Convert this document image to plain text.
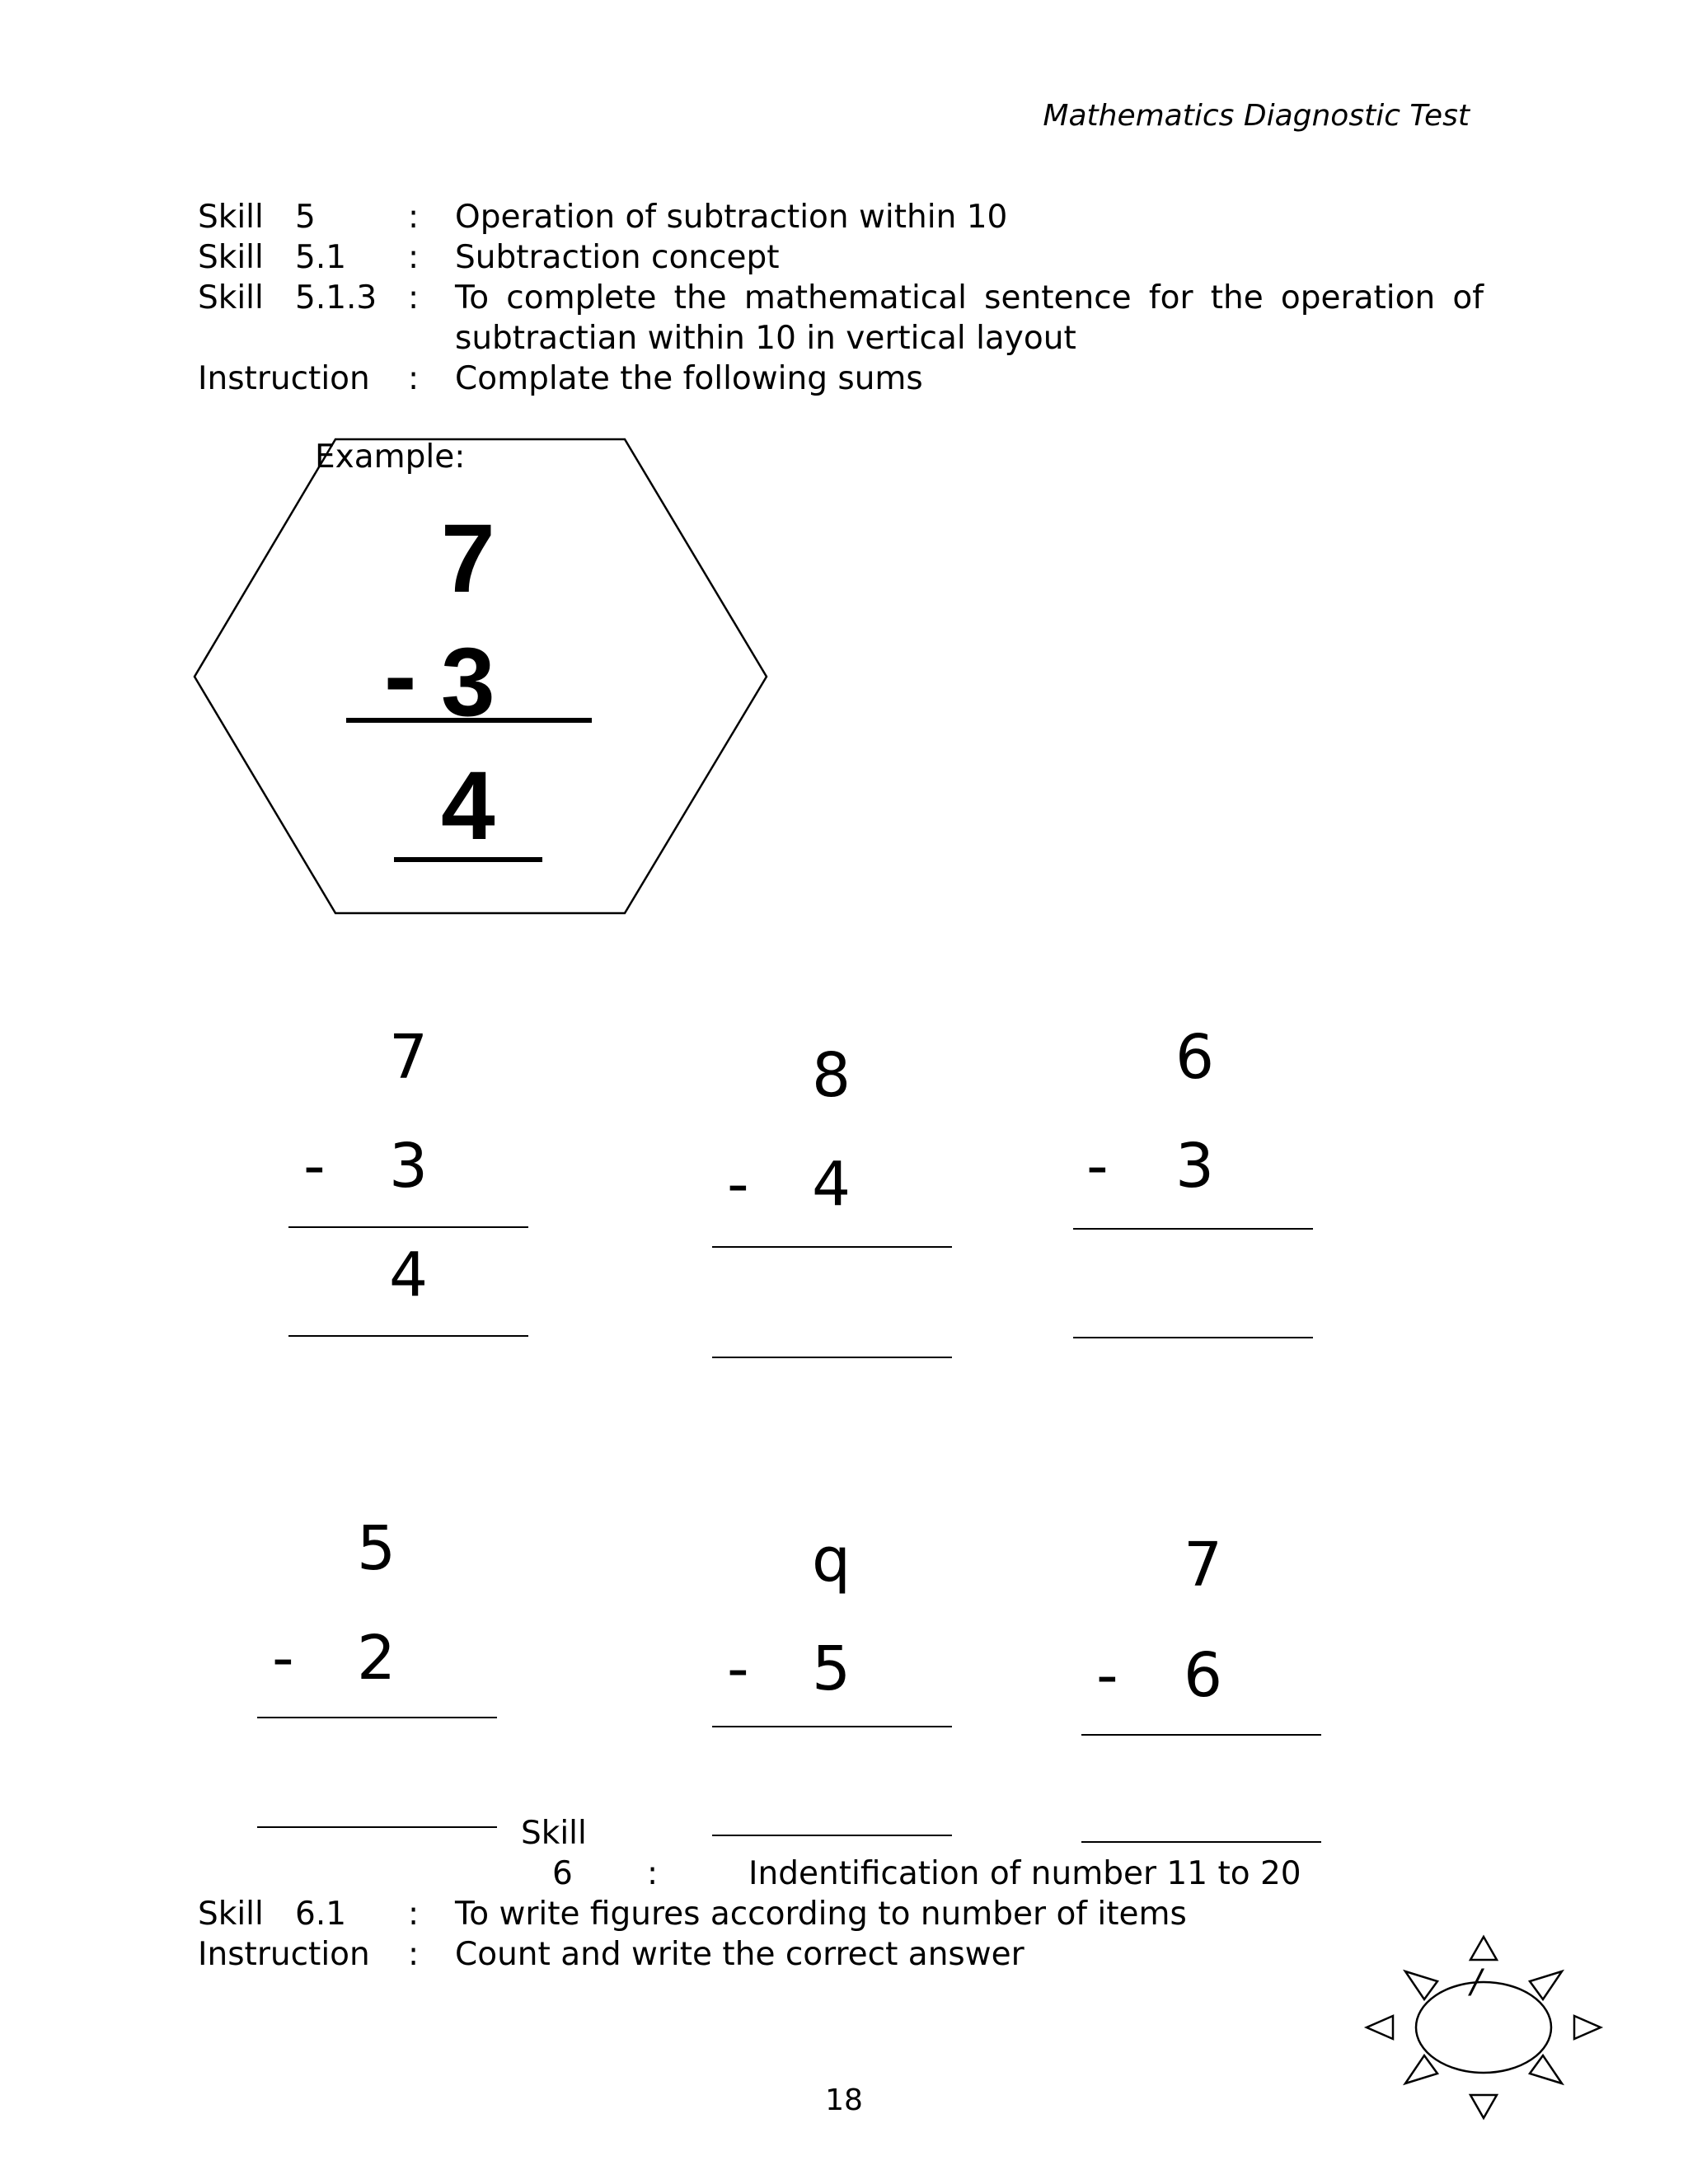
Mathematics Diagnostic Test
Skill 5	: Operation of subtraction within 10
Skill 5.1 : Subtraction concept
Skill 5.1.3 : To complete the mathematical sentence for the operation of
subtractian within 10 in vertical layout
Instruction : Complate the following sums
Example:
7
- 3
4
7
- 3
4
8
- 4
6
- 3
5
- 2
q
- 5
7
- 6
Skill
6 :	Indentification of number 11 to 20
Skill 6.1 : To write figures according to number of items
Instruction : Count and write the correct answer
/
18
